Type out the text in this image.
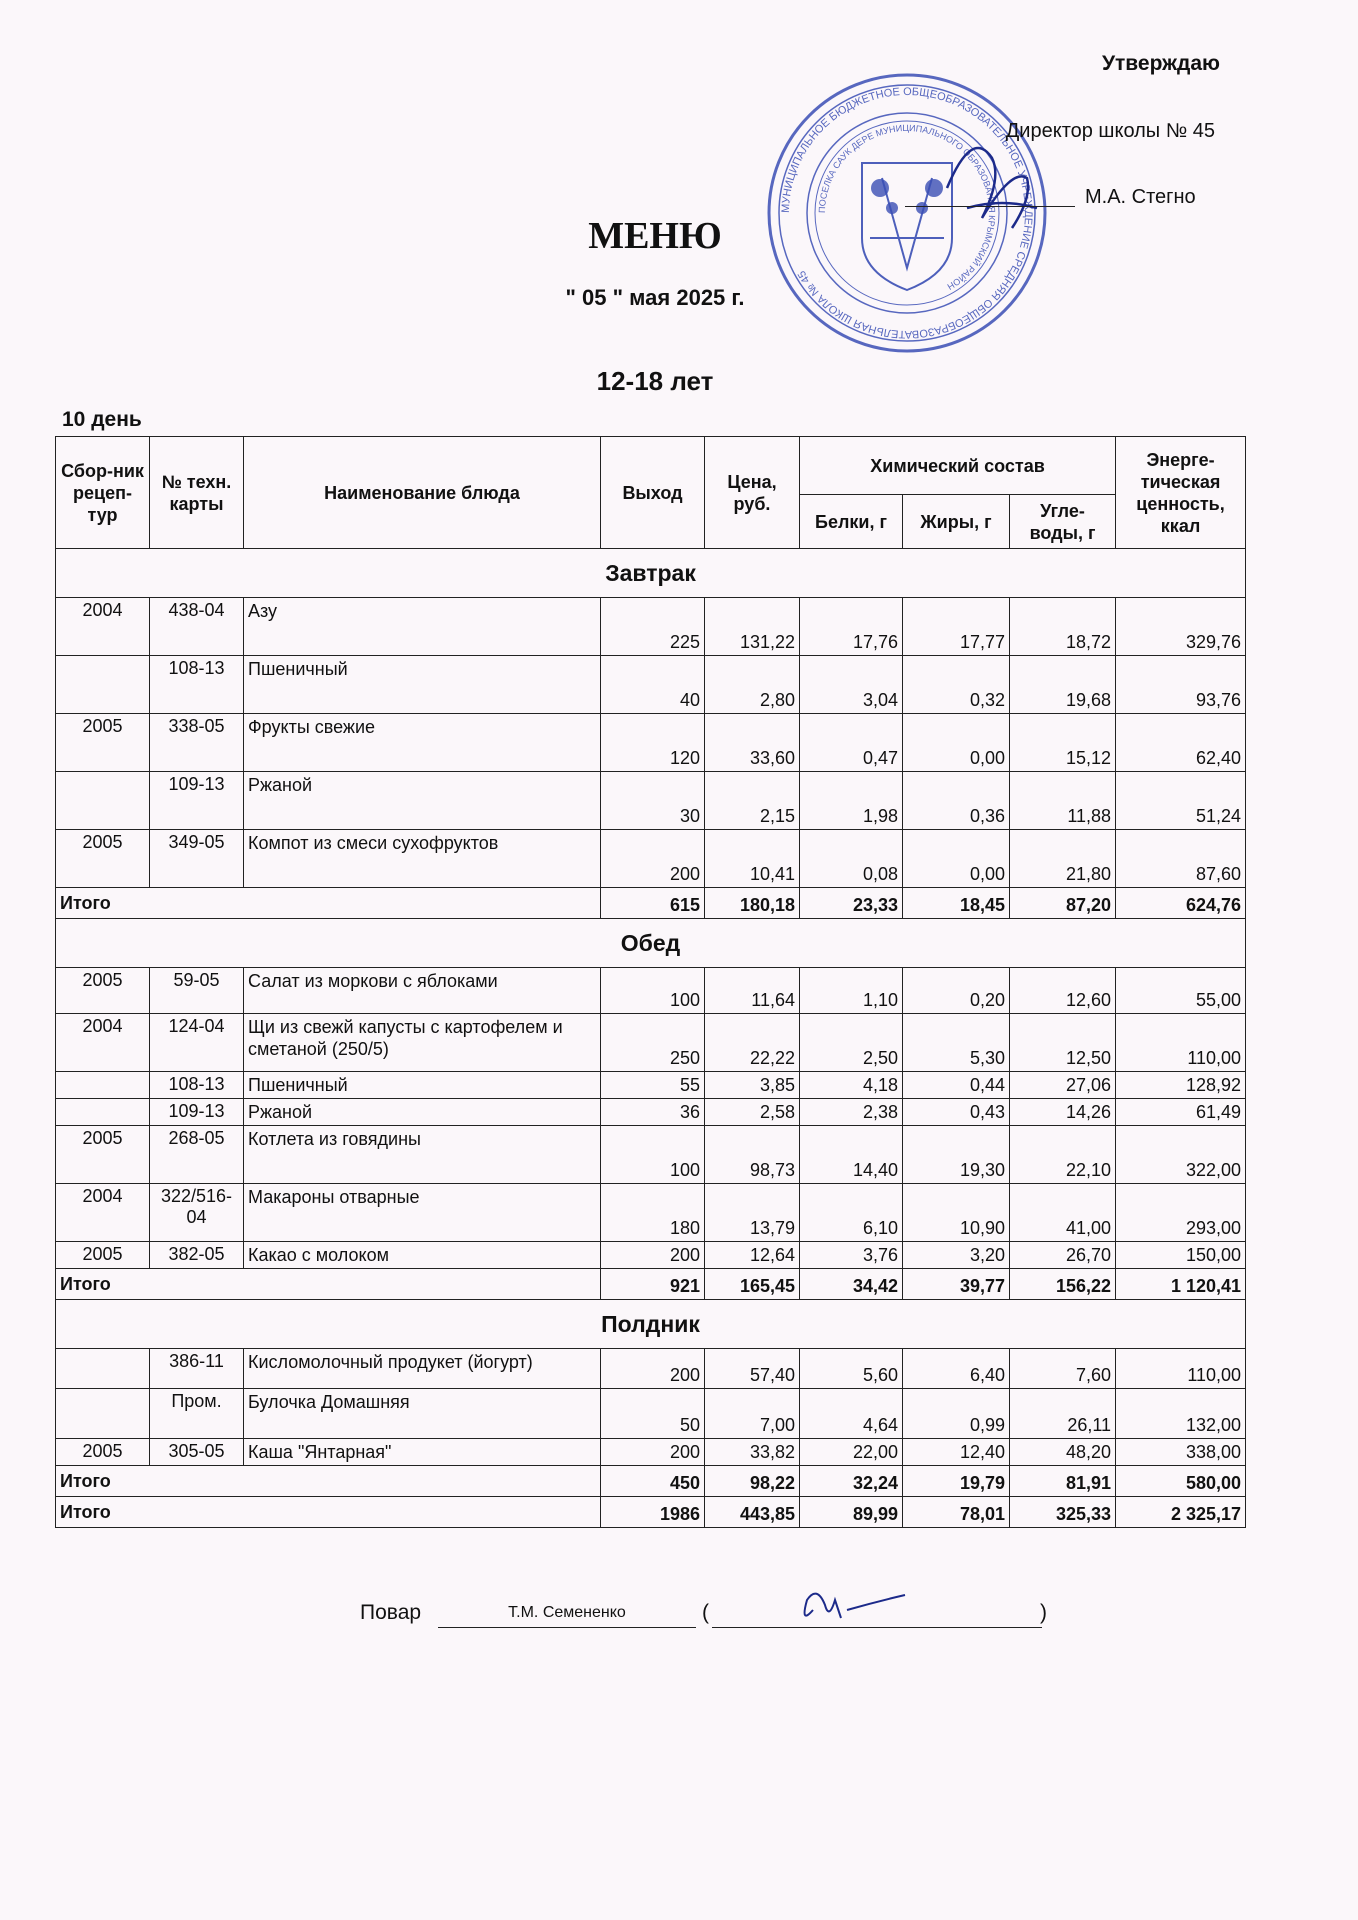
Утверждаю
МУНИЦИПАЛЬНОЕ БЮДЖЕТНОЕ ОБЩЕОБРАЗОВАТЕЛЬНОЕ УЧРЕЖДЕНИЕ СРЕДНЯЯ ОБЩЕОБРАЗОВАТЕЛЬНАЯ ШКОЛА № 45
ПОСЕЛКА САУК ДЕРЕ МУНИЦИПАЛЬНОГО ОБРАЗОВАНИЯ КРЫМСКИЙ РАЙОН
Директор школы № 45
М.А. Стегно
МЕНЮ
" 05 " мая 2025 г.
12-18 лет
10 день
Сбор-ник рецеп-тур	№ техн. карты	Наименование блюда	Выход	Цена, руб.	Химический состав			Энерге-тическая ценность, ккал
					Белки, г	Жиры, г	Угле-воды, г	
Завтрак								
2004	438-04	Азу	225	131,22	17,76	17,77	18,72	329,76
	108-13	Пшеничный	40	2,80	3,04	0,32	19,68	93,76
2005	338-05	Фрукты свежие	120	33,60	0,47	0,00	15,12	62,40
	109-13	Ржаной	30	2,15	1,98	0,36	11,88	51,24
2005	349-05	Компот из смеси сухофруктов	200	10,41	0,08	0,00	21,80	87,60
Итого			615	180,18	23,33	18,45	87,20	624,76
Обед								
2005	59-05	Салат из моркови с яблоками	100	11,64	1,10	0,20	12,60	55,00
2004	124-04	Щи из свежй капусты с картофелем и сметаной (250/5)	250	22,22	2,50	5,30	12,50	110,00
	108-13	Пшеничный	55	3,85	4,18	0,44	27,06	128,92
	109-13	Ржаной	36	2,58	2,38	0,43	14,26	61,49
2005	268-05	Котлета из говядины	100	98,73	14,40	19,30	22,10	322,00
2004	322/516-04	Макароны отварные	180	13,79	6,10	10,90	41,00	293,00
2005	382-05	Какао с молоком	200	12,64	3,76	3,20	26,70	150,00
Итого			921	165,45	34,42	39,77	156,22	1 120,41
Полдник								
	386-11	Кисломолочный продукет (йогурт)	200	57,40	5,60	6,40	7,60	110,00
	Пром.	Булочка Домашняя	50	7,00	4,64	0,99	26,11	132,00
2005	305-05	Каша "Янтарная"	200	33,82	22,00	12,40	48,20	338,00
Итого			450	98,22	32,24	19,79	81,91	580,00
Итого			1986	443,85	89,99	78,01	325,33	2 325,17
Повар	Т.М. Семененко	(	)
